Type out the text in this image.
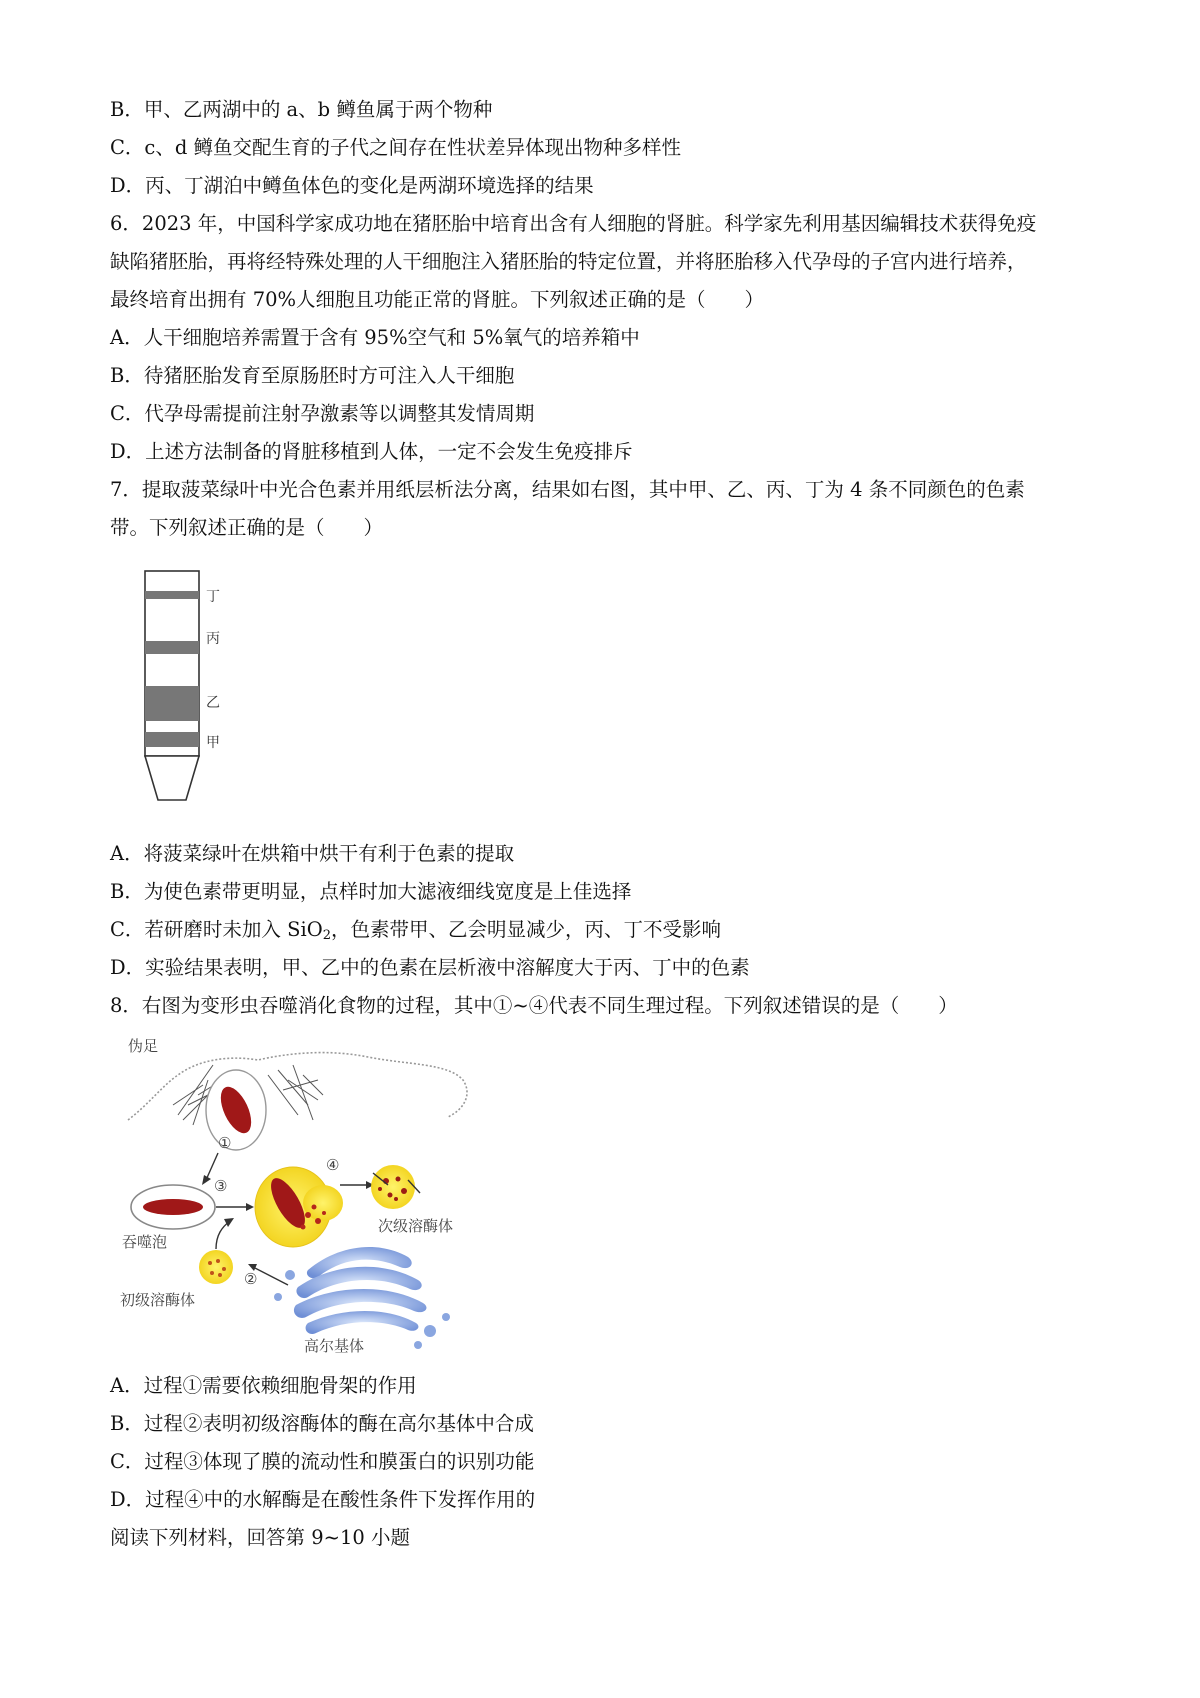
B．甲、乙两湖中的 a、b 鳟鱼属于两个物种
C．c、d 鳟鱼交配生育的子代之间存在性状差异体现出物种多样性
D．丙、丁湖泊中鳟鱼体色的变化是两湖环境选择的结果
6．2023 年，中国科学家成功地在猪胚胎中培育出含有人细胞的肾脏。科学家先利用基因编辑技术获得免疫
缺陷猪胚胎，再将经特殊处理的人干细胞注入猪胚胎的特定位置，并将胚胎移入代孕母的子宫内进行培养，
最终培育出拥有 70%人细胞且功能正常的肾脏。下列叙述正确的是（　　）
A．人干细胞培养需置于含有 95%空气和 5%氧气的培养箱中
B．待猪胚胎发育至原肠胚时方可注入人干细胞
C．代孕母需提前注射孕激素等以调整其发情周期
D．上述方法制备的肾脏移植到人体，一定不会发生免疫排斥
7．提取菠菜绿叶中光合色素并用纸层析法分离，结果如右图，其中甲、乙、丙、丁为 4 条不同颜色的色素
带。下列叙述正确的是（　　）
丁
丙
乙
甲
A．将菠菜绿叶在烘箱中烘干有利于色素的提取
B．为使色素带更明显，点样时加大滤液细线宽度是上佳选择
C．若研磨时未加入 SiO$_2$，色素带甲、乙会明显减少，丙、丁不受影响
D．实验结果表明，甲、乙中的色素在层析液中溶解度大于丙、丁中的色素
8．右图为变形虫吞噬消化食物的过程，其中①~④代表不同生理过程。下列叙述错误的是（　　）
伪足
①
③
④
②
吞噬泡
次级溶酶体
初级溶酶体
高尔基体
A．过程①需要依赖细胞骨架的作用
B．过程②表明初级溶酶体的酶在高尔基体中合成
C．过程③体现了膜的流动性和膜蛋白的识别功能
D．过程④中的水解酶是在酸性条件下发挥作用的
阅读下列材料，回答第 9~10 小题
